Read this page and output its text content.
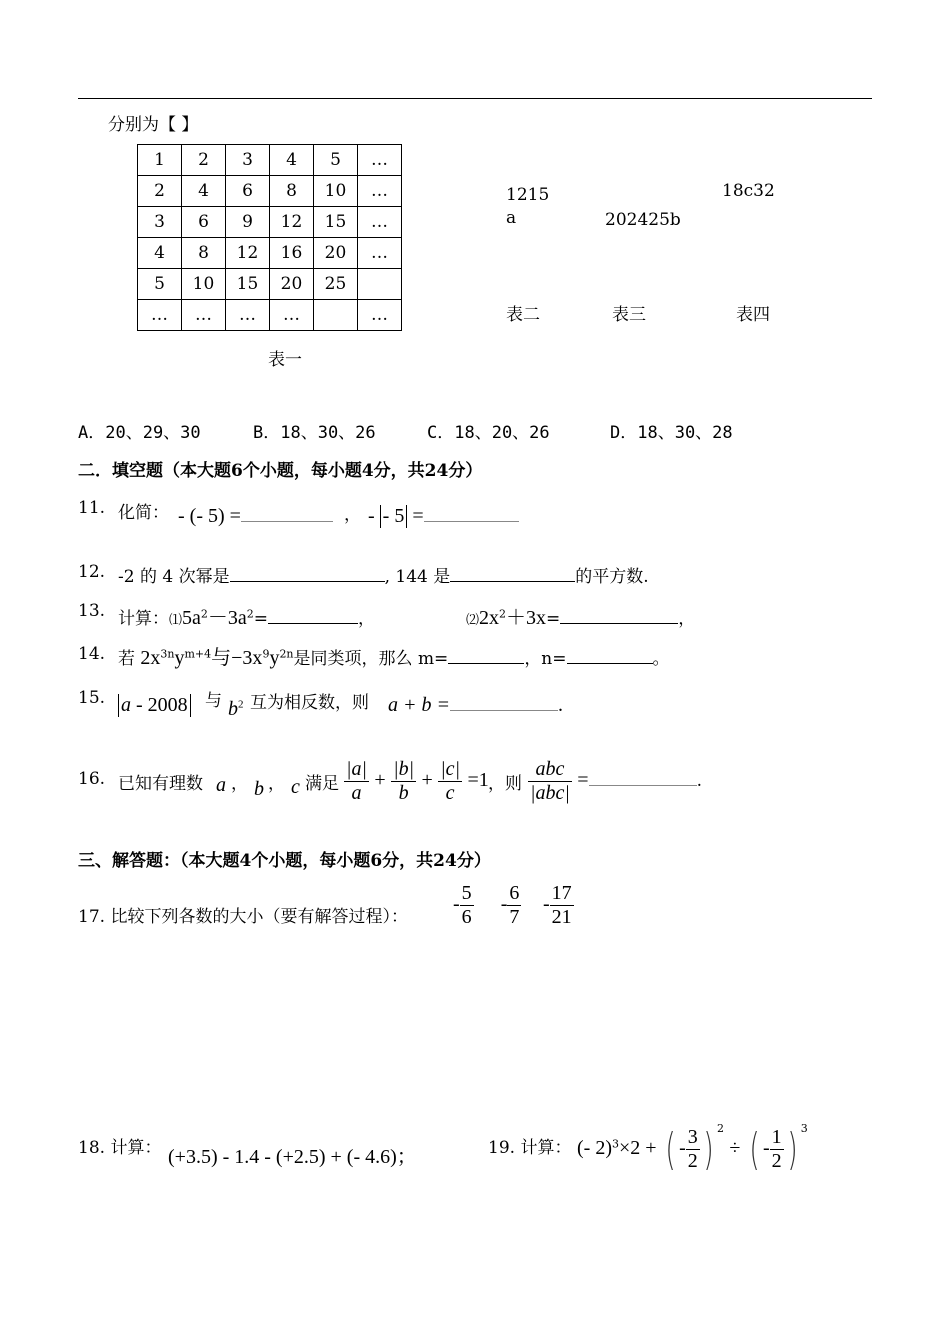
分别为【 】
1	2	3	4	5	…
2	4	6	8	10	…
3	6	9	12	15	…
4	8	12	16	20	…
5	10	15	20	25	
…	…	…	…		…
表一
1215
a	202425b
18c32
表二	表三	表四
A．20、29、30	B．18、30、26	C．18、20、26	D．18、30、28
二．填空题（本大题6个小题，每小题4分，共24分）
11. 化简： - (- 5) =	， - - 5 =
12. -2 的 4 次幂是	, 144 是	的平方数.
13. 计算：$⑴5a^2-3a^2=$	，	$⑵2x^2+3x=$	，
14. 若 $2x^{3n}y^{m+4}$与$-3x^9y^{2n}$是同类项，那么 m=	，n=	。
15. a - 2008 与 $b^2$ 互为相反数，则 a + b =	.
16. 已知有理数 a ， b ， c 满足 $\frac{|a|}{a} + \frac{|b|}{b} + \frac{|c|}{c} =1$ ，则 $\frac{\text{abc}}{\text{|abc|}}$ =	.
三、解答题：（本大题4个小题，每小题6分，共24分）
17. 比较下列各数的大小（要有解答过程）：
- $\frac{5}{6} - \frac{6}{7} - \frac{17}{21}$
18. 计算： (+3.5) - 1.4 - (+2.5) + (- 4.6)；	19. 计算： (- 2)$^3$×2 + ( - $\frac{3}{2}$ ) $^2$ ÷ ( - $\frac{1}{2}$ ) $^3$
